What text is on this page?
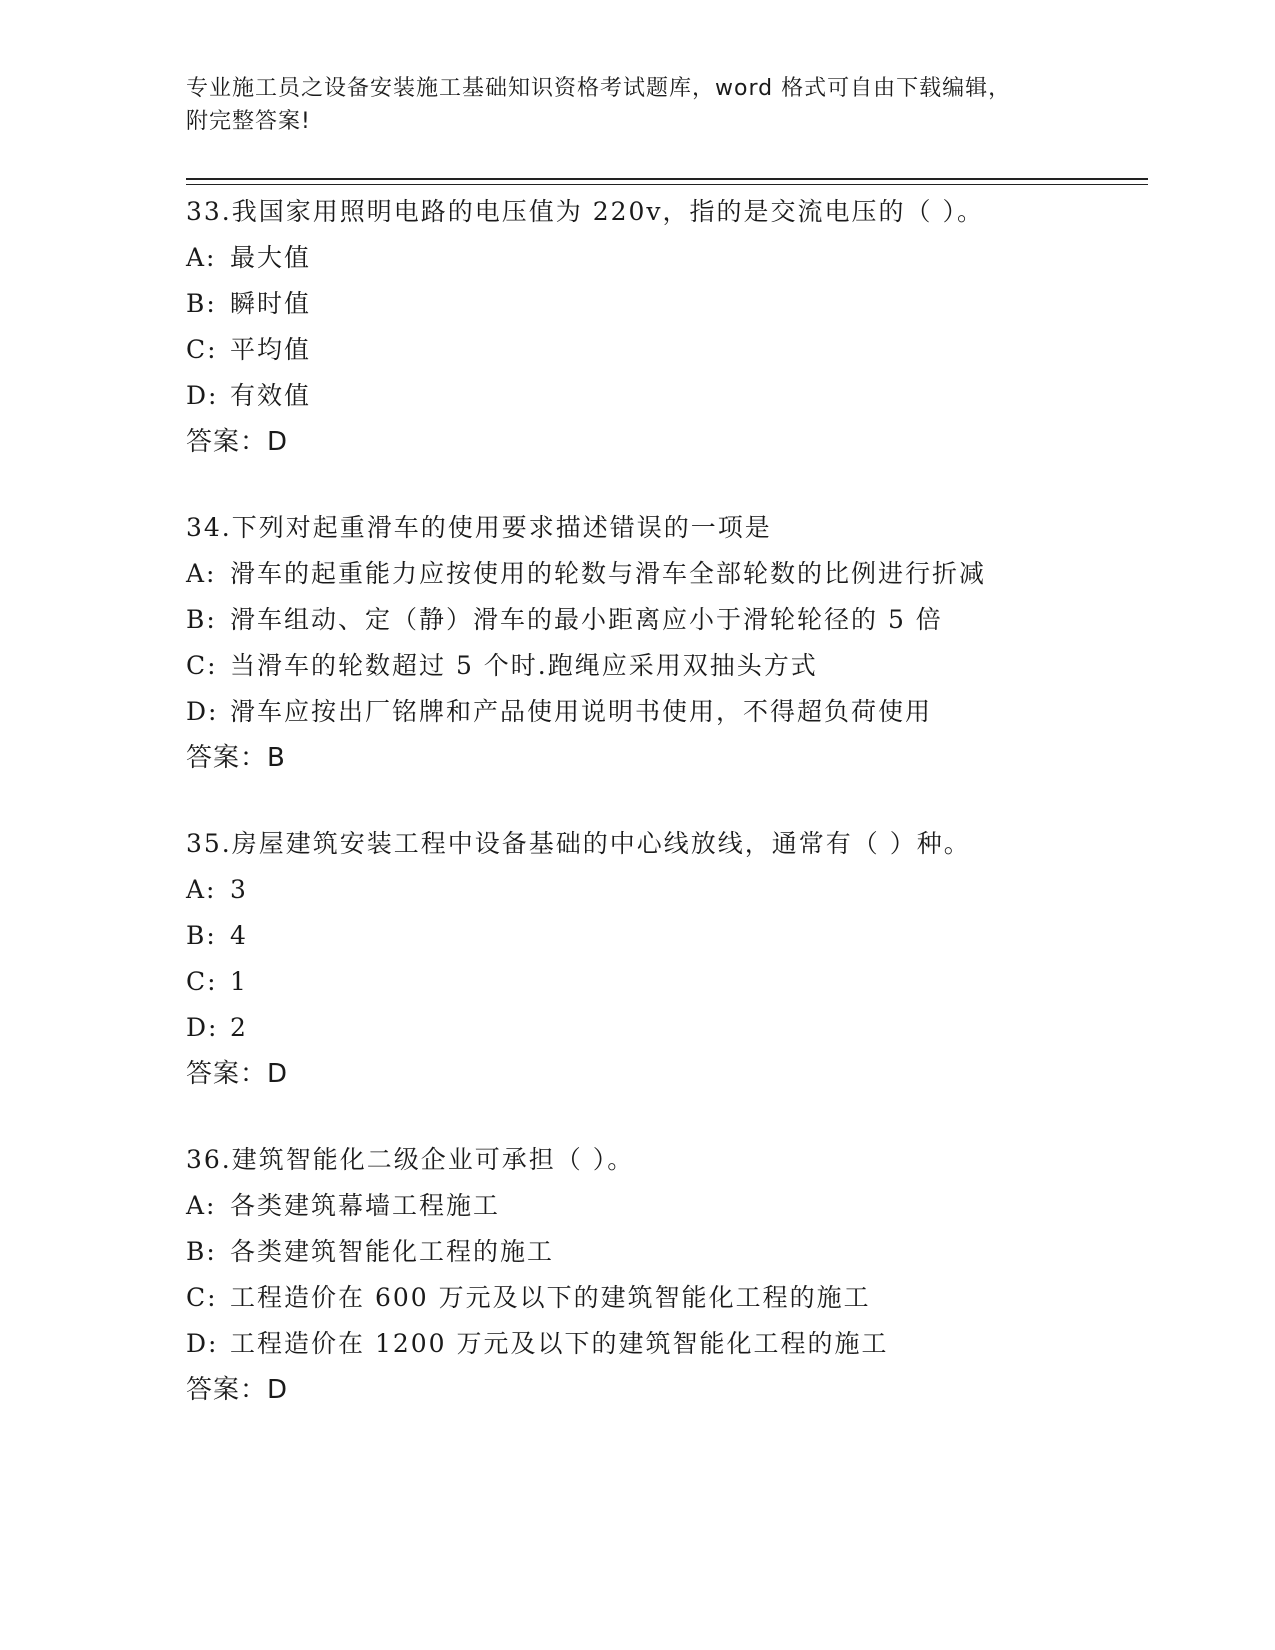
专业施工员之设备安装施工基础知识资格考试题库，word 格式可自由下载编辑，
附完整答案!
33.我国家用照明电路的电压值为 220v，指的是交流电压的（ ）。
A: 最大值
B: 瞬时值
C: 平均值
D: 有效值
答案：D
34.下列对起重滑车的使用要求描述错误的一项是
A: 滑车的起重能力应按使用的轮数与滑车全部轮数的比例进行折减
B: 滑车组动、定（静）滑车的最小距离应小于滑轮轮径的 5 倍
C: 当滑车的轮数超过 5 个时.跑绳应采用双抽头方式
D: 滑车应按出厂铭牌和产品使用说明书使用，不得超负荷使用
答案：B
35.房屋建筑安装工程中设备基础的中心线放线，通常有（ ）种。
A: 3
B: 4
C: 1
D: 2
答案：D
36.建筑智能化二级企业可承担（ ）。
A: 各类建筑幕墙工程施工
B: 各类建筑智能化工程的施工
C: 工程造价在 600 万元及以下的建筑智能化工程的施工
D: 工程造价在 1200 万元及以下的建筑智能化工程的施工
答案：D
